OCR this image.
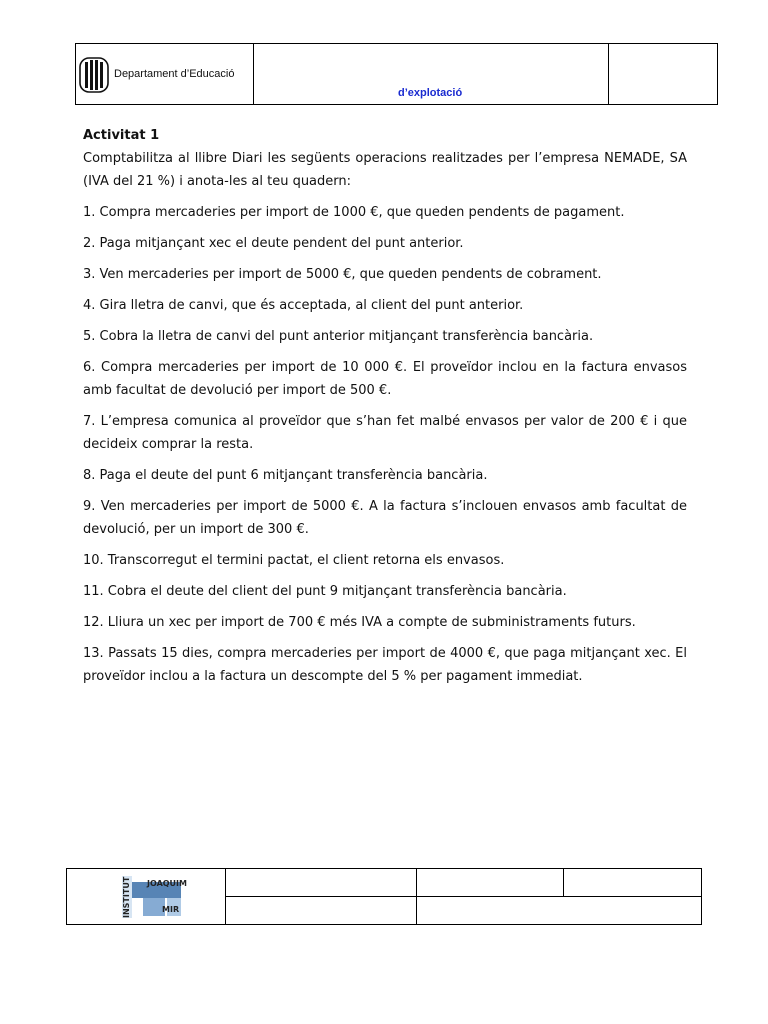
Departament d’Educació
d’explotació

Activitat 1

Comptabilitza al llibre Diari les següents operacions realitzades per l’empresa NEMADE, SA (IVA del 21 %) i anota-les al teu quadern:

1. Compra mercaderies per import de 1000 €, que queden pendents de pagament.

2. Paga mitjançant xec el deute pendent del punt anterior.

3. Ven mercaderies per import de 5000 €, que queden pendents de cobrament.

4. Gira lletra de canvi, que és acceptada, al client del punt anterior.

5. Cobra la lletra de canvi del punt anterior mitjançant transferència bancària.

6. Compra mercaderies per import de 10 000 €. El proveïdor inclou en la factura envasos amb facultat de devolució per import de 500 €.

7. L’empresa comunica al proveïdor que s’han fet malbé envasos per valor de 200 € i que decideix comprar la resta.

8. Paga el deute del punt 6 mitjançant transferència bancària.

9. Ven mercaderies per import de 5000 €. A la factura s’inclouen envasos amb facultat de devolució, per un import de 300 €.

10. Transcorregut el termini pactat, el client retorna els envasos.

11. Cobra el deute del client del punt 9 mitjançant transferència bancària.

12. Lliura un xec per import de 700 € més IVA a compte de subministraments futurs.

13. Passats 15 dies, compra mercaderies per import de 4000 €, que paga mitjançant xec. El proveïdor inclou a la factura un descompte del 5 % per pagament immediat.

JOAQUIM
INSTITUT	MIR
